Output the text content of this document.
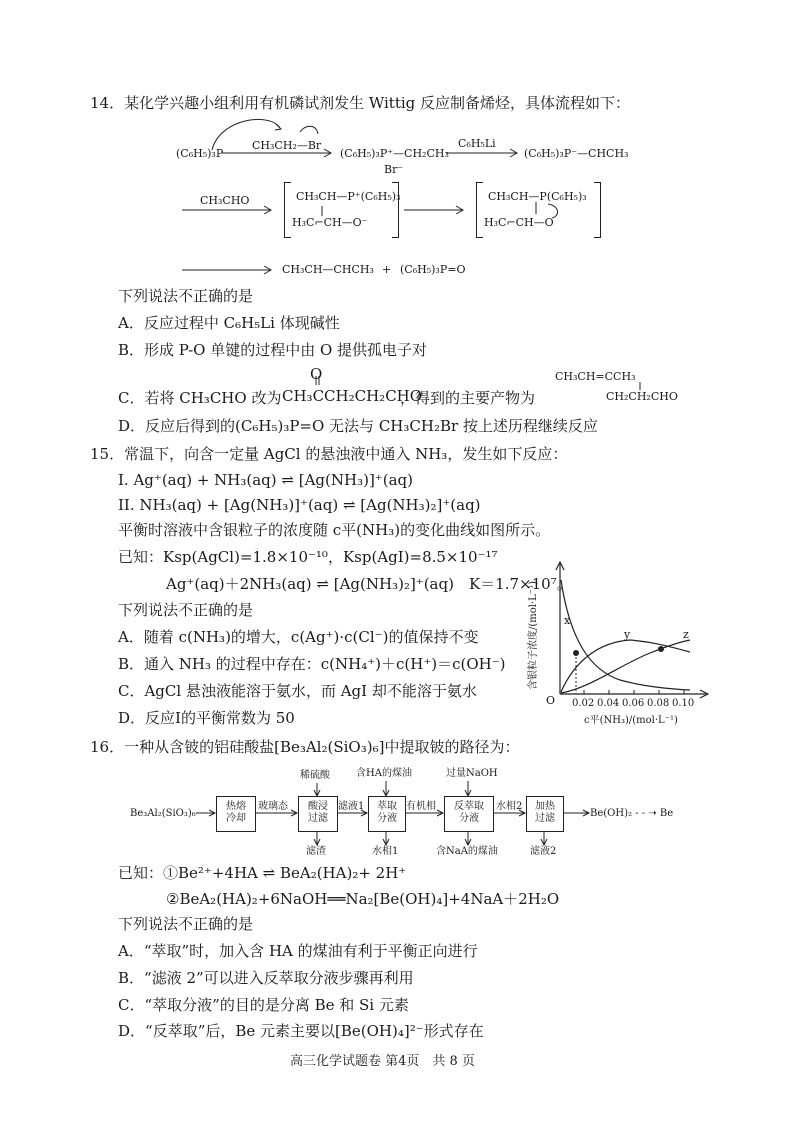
14．某化学兴趣小组利用有机磷试剂发生 Wittig 反应制备烯烃，具体流程如下：
(C₆H₅)₃P
CH₃CH₂—Br
(C₆H₅)₃P⁺—CH₂CH₃
Br⁻
C₆H₅Li
(C₆H₅)₃P⁻—CHCH₃
CH₃CHO	CH₃CH—P⁺(C₆H₅)₃
H₃C⌐CH—O⁻
CH₃CH—P(C₆H₅)₃
H₃C⌐CH—O
CH₃CH—CHCH₃ + (C₆H₅)₃P=O
下列说法不正确的是
A．反应过程中 C₆H₅Li 体现碱性
B．形成 P-O 单键的过程中由 O 提供孤电子对
C．若将 CH₃CHO 改为
O
CH₃CCH₂CH₂CHO
，得到的主要产物为
CH₃CH=CCH₃
CH₂CH₂CHO
D．反应后得到的(C₆H₅)₃P=O 无法与 CH₃CH₂Br 按上述历程继续反应
15．常温下，向含一定量 AgCl 的悬浊液中通入 NH₃，发生如下反应：
I. Ag⁺(aq) + NH₃(aq) ⇌ [Ag(NH₃)]⁺(aq)
II. NH₃(aq) + [Ag(NH₃)]⁺(aq) ⇌ [Ag(NH₃)₂]⁺(aq)
平衡时溶液中含银粒子的浓度随 c平(NH₃)的变化曲线如图所示。
已知：Ksp(AgCl)=1.8×10⁻¹⁰，Ksp(AgI)=8.5×10⁻¹⁷
Ag⁺(aq)＋2NH₃(aq) ⇌ [Ag(NH₃)₂]⁺(aq)　K＝1.7×10⁷。
下列说法不正确的是
A．随着 c(NH₃)的增大，c(Ag⁺)·c(Cl⁻)的值保持不变
B．通入 NH₃ 的过程中存在：c(NH₄⁺)＋c(H⁺)＝c(OH⁻)
C．AgCl 悬浊液能溶于氨水，而 AgI 却不能溶于氨水
D．反应I的平衡常数为 50
含银粒子浓度/(mol·L⁻¹)
O 0.02 0.04 0.06 0.08 0.10
c平(NH₃)/(mol·L⁻¹)
x
y	z
16．一种从含铍的铝硅酸盐[Be₃Al₂(SiO₃)₆]中提取铍的路径为：
Be₃Al₂(SiO₃)₆
热熔
冷却
玻璃态	酸浸
过滤
稀硫酸
滤渣
滤液1	萃取
分液
含HA的煤油
水相1
有机相	反萃取
分液
过量NaOH
含NaA的煤油
水相2	加热
过滤
滤液2
Be(OH)₂ - - ➝ Be
已知：①Be²⁺+4HA ⇌ BeA₂(HA)₂+ 2H⁺
②BeA₂(HA)₂+6NaOH══Na₂[Be(OH)₄]+4NaA＋2H₂O
下列说法不正确的是
A．“萃取”时，加入含 HA 的煤油有利于平衡正向进行
B．“滤液 2”可以进入反萃取分液步骤再利用
C．“萃取分液”的目的是分离 Be 和 Si 元素
D．“反萃取”后，Be 元素主要以[Be(OH)₄]²⁻形式存在
高三化学试题卷 第4页　共 8 页
